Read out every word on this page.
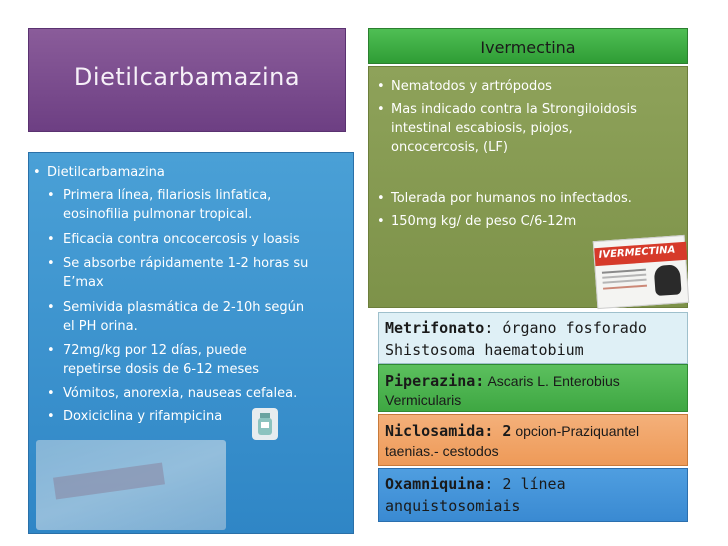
Dietilcarbamazina
• Dietilcarbamazina
• Primera línea, filariosis linfatica,
eosinofilia pulmonar tropical.
• Eficacia contra oncocercosis y loasis
• Se absorbe rápidamente 1-2 horas su
E’max
• Semivida plasmática de 2-10h según
el PH orina.
• 72mg/kg por 12 días, puede
repetirse dosis de 6-12 meses
• Vómitos, anorexia, nauseas cefalea.
• Doxiciclina y rifampicina
Ivermectina
• Nematodos y artrópodos
• Mas indicado contra la Strongiloidosis
intestinal escabiosis, piojos,
oncocercosis, (LF)
• Tolerada por humanos no infectados.
• 150mg kg/ de peso C/6-12m
IVERMECTINA
Metrifonato: órgano fosforado
Shistosoma haematobium
Piperazina: Ascaris L. Enterobius
Vermicularis
Niclosamida: 2 opcion-Praziquantel
taenias.- cestodos
Oxamniquina: 2 línea
anquistosomiais
